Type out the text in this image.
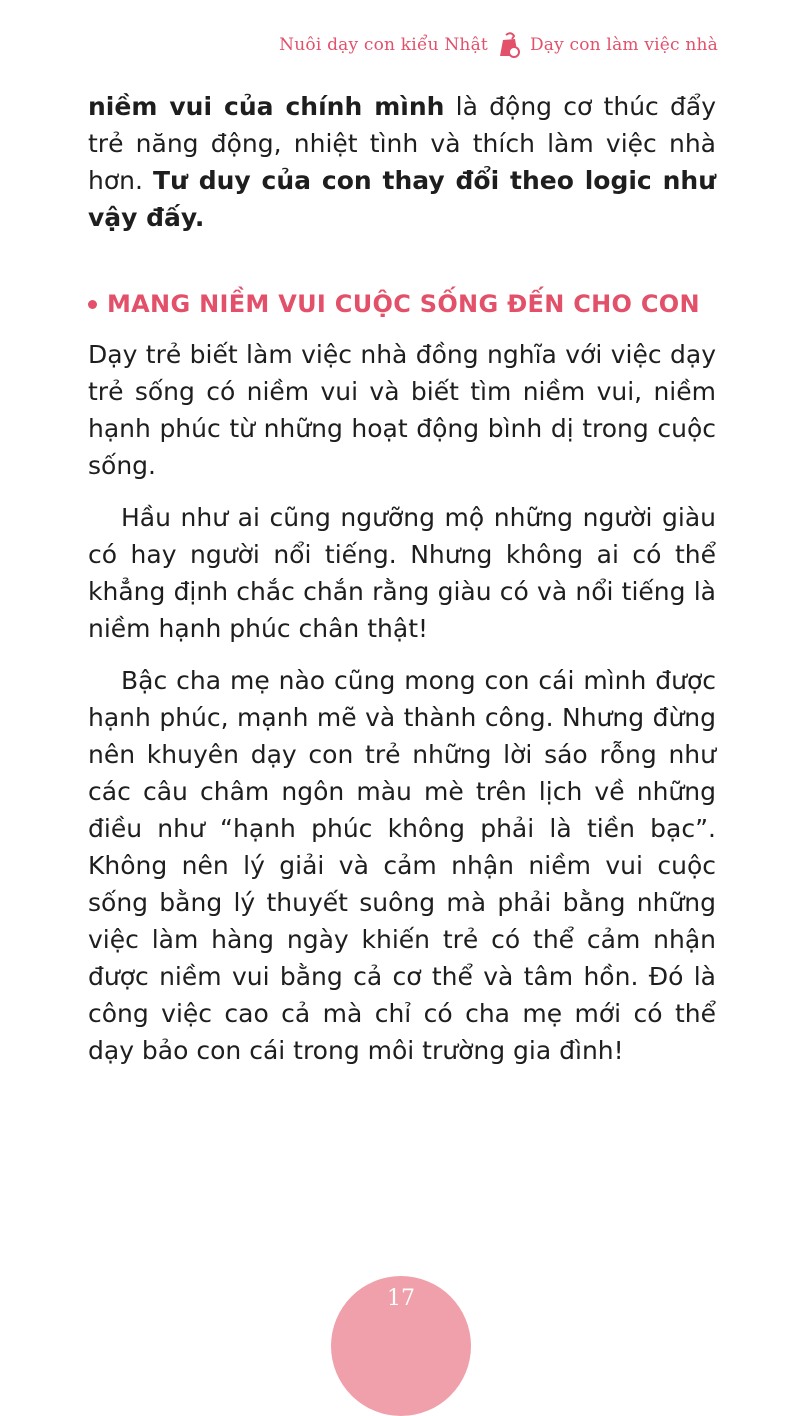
Nuôi dạy con kiểu Nhật Dạy con làm việc nhà

niềm vui của chính mình là động cơ thúc đẩy trẻ năng động, nhiệt tình và thích làm việc nhà hơn. Tư duy của con thay đổi theo logic như vậy đấy.

MANG NIỀM VUI CUỘC SỐNG ĐẾN CHO CON

Dạy trẻ biết làm việc nhà đồng nghĩa với việc dạy trẻ sống có niềm vui và biết tìm niềm vui, niềm hạnh phúc từ những hoạt động bình dị trong cuộc sống.

Hầu như ai cũng ngưỡng mộ những người giàu có hay người nổi tiếng. Nhưng không ai có thể khẳng định chắc chắn rằng giàu có và nổi tiếng là niềm hạnh phúc chân thật!

Bậc cha mẹ nào cũng mong con cái mình được hạnh phúc, mạnh mẽ và thành công. Nhưng đừng nên khuyên dạy con trẻ những lời sáo rỗng như các câu châm ngôn màu mè trên lịch về những điều như “hạnh phúc không phải là tiền bạc”. Không nên lý giải và cảm nhận niềm vui cuộc sống bằng lý thuyết suông mà phải bằng những việc làm hàng ngày khiến trẻ có thể cảm nhận được niềm vui bằng cả cơ thể và tâm hồn. Đó là công việc cao cả mà chỉ có cha mẹ mới có thể dạy bảo con cái trong môi trường gia đình!

17
